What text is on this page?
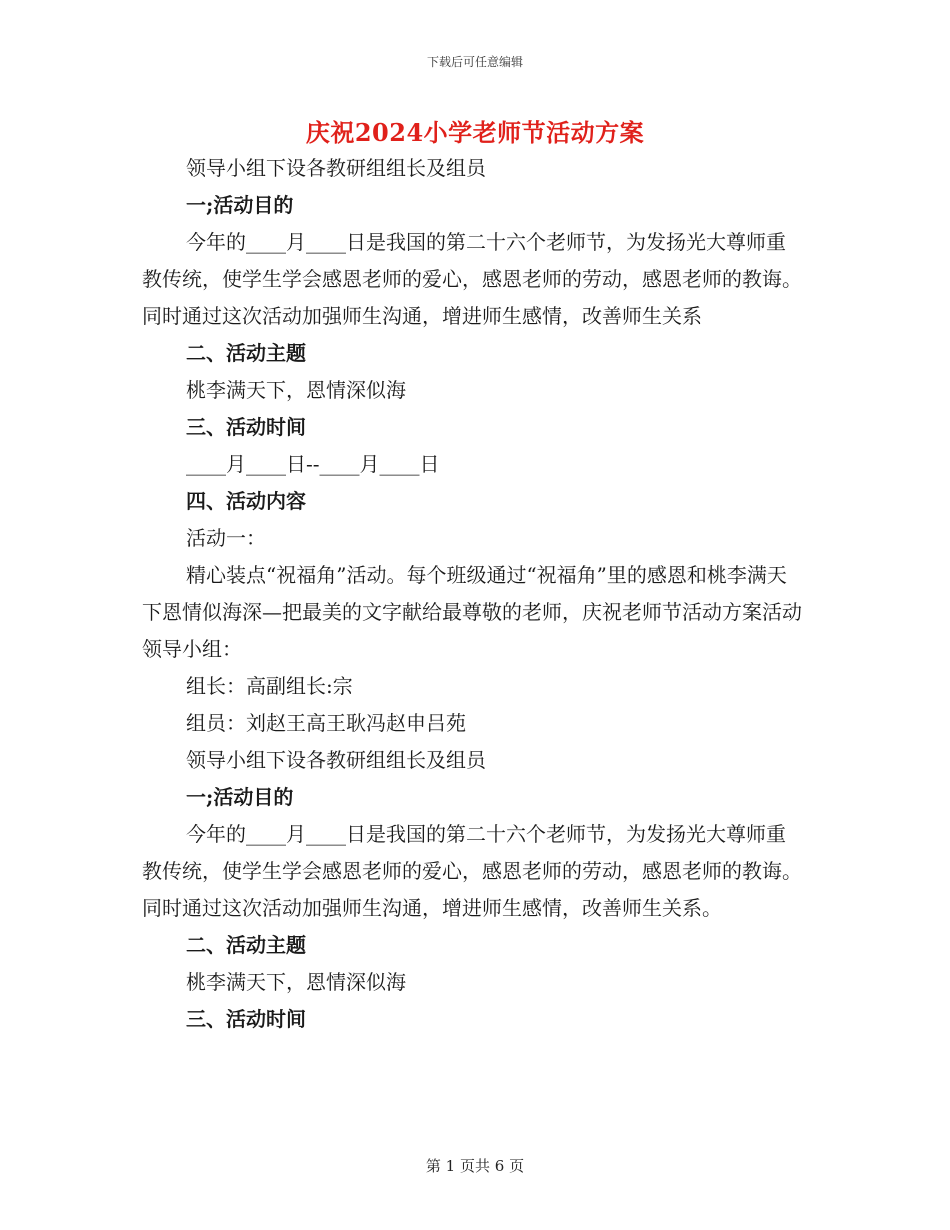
下载后可任意编辑
庆祝2024小学老师节活动方案

领导小组下设各教研组组长及组员

一;活动目的

今年的____月____日是我国的第二十六个老师节，为发扬光大尊师重教传统，使学生学会感恩老师的爱心，感恩老师的劳动，感恩老师的教诲。同时通过这次活动加强师生沟通，增进师生感情，改善师生关系

二、活动主题

桃李满天下，恩情深似海

三、活动时间

____月____日--____月____日

四、活动内容

活动一：

精心装点“祝福角”活动。每个班级通过“祝福角”里的感恩和桃李满天下恩情似海深—把最美的文字献给最尊敬的老师，庆祝老师节活动方案活动领导小组：

组长：高副组长:宗

组员：刘赵王高王耿冯赵申吕苑

领导小组下设各教研组组长及组员

一;活动目的

今年的____月____日是我国的第二十六个老师节，为发扬光大尊师重教传统，使学生学会感恩老师的爱心，感恩老师的劳动，感恩老师的教诲。同时通过这次活动加强师生沟通，增进师生感情，改善师生关系。

二、活动主题

桃李满天下，恩情深似海

三、活动时间

第 1 页共 6 页
